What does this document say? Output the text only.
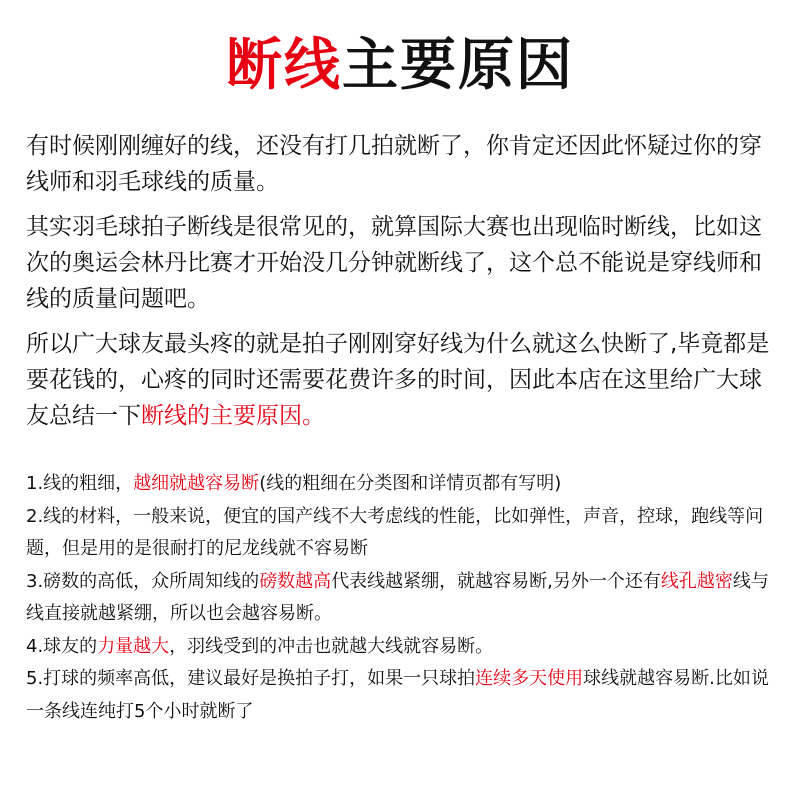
断线主要原因

有时候刚刚缠好的线，还没有打几拍就断了，你肯定还因此怀疑过你的穿线师和羽毛球线的质量。

其实羽毛球拍子断线是很常见的，就算国际大赛也出现临时断线，比如这次的奥运会林丹比赛才开始没几分钟就断线了，这个总不能说是穿线师和线的质量问题吧。

所以广大球友最头疼的就是拍子刚刚穿好线为什么就这么快断了,毕竟都是要花钱的，心疼的同时还需要花费许多的时间，因此本店在这里给广大球友总结一下断线的主要原因。

1.线的粗细，越细就越容易断(线的粗细在分类图和详情页都有写明)

2.线的材料，一般来说，便宜的国产线不大考虑线的性能，比如弹性，声音，控球，跑线等问题，但是用的是很耐打的尼龙线就不容易断

3.磅数的高低，众所周知线的磅数越高代表线越紧绷，就越容易断,另外一个还有线孔越密线与线直接就越紧绷，所以也会越容易断。

4.球友的力量越大，羽线受到的冲击也就越大线就容易断。

5.打球的频率高低，建议最好是换拍子打，如果一只球拍连续多天使用球线就越容易断.比如说一条线连纯打5个小时就断了
